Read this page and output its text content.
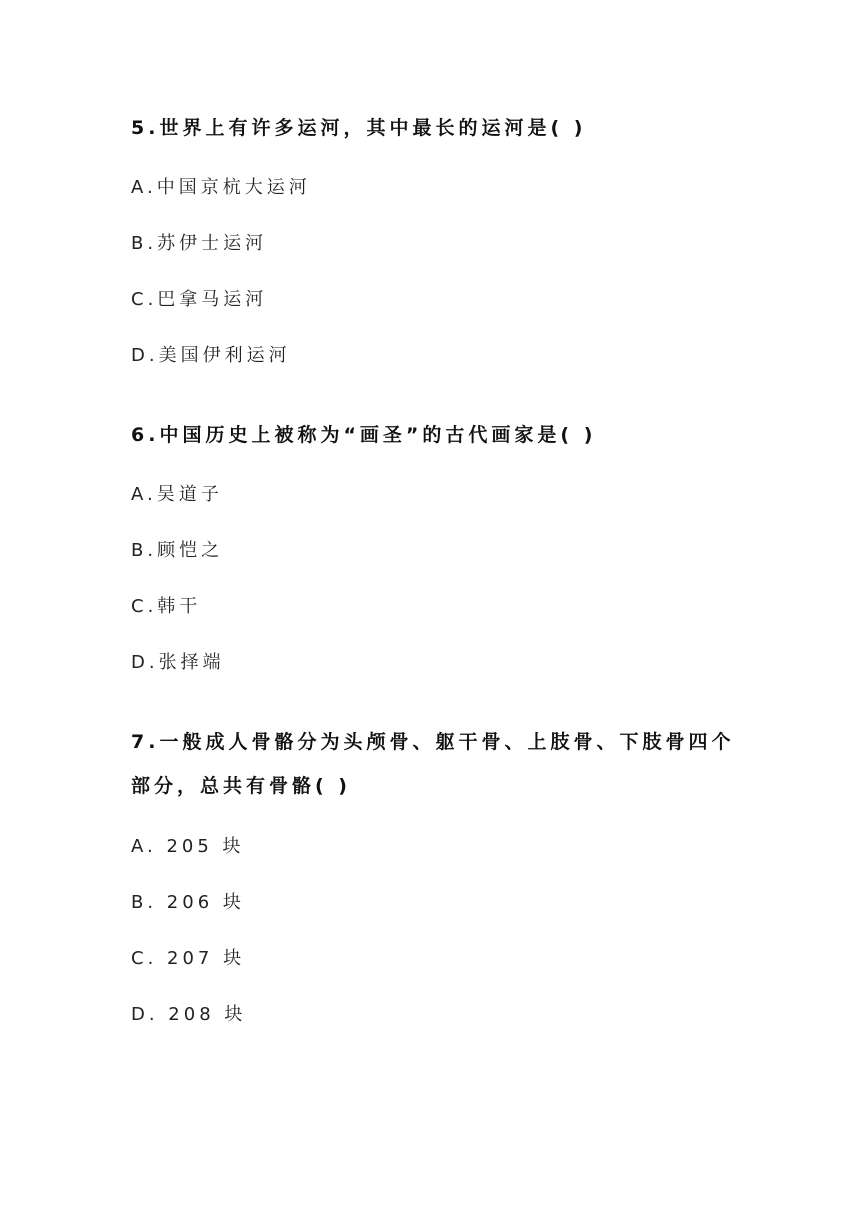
5.世界上有许多运河，其中最长的运河是( )

A.中国京杭大运河

B.苏伊士运河

C.巴拿马运河

D.美国伊利运河

6.中国历史上被称为“画圣”的古代画家是( )

A.吴道子

B.顾恺之

C.韩干

D.张择端

7.一般成人骨骼分为头颅骨、躯干骨、上肢骨、下肢骨四个部分，总共有骨骼( )

A. 205 块

B. 206 块

C. 207 块

D. 208 块
